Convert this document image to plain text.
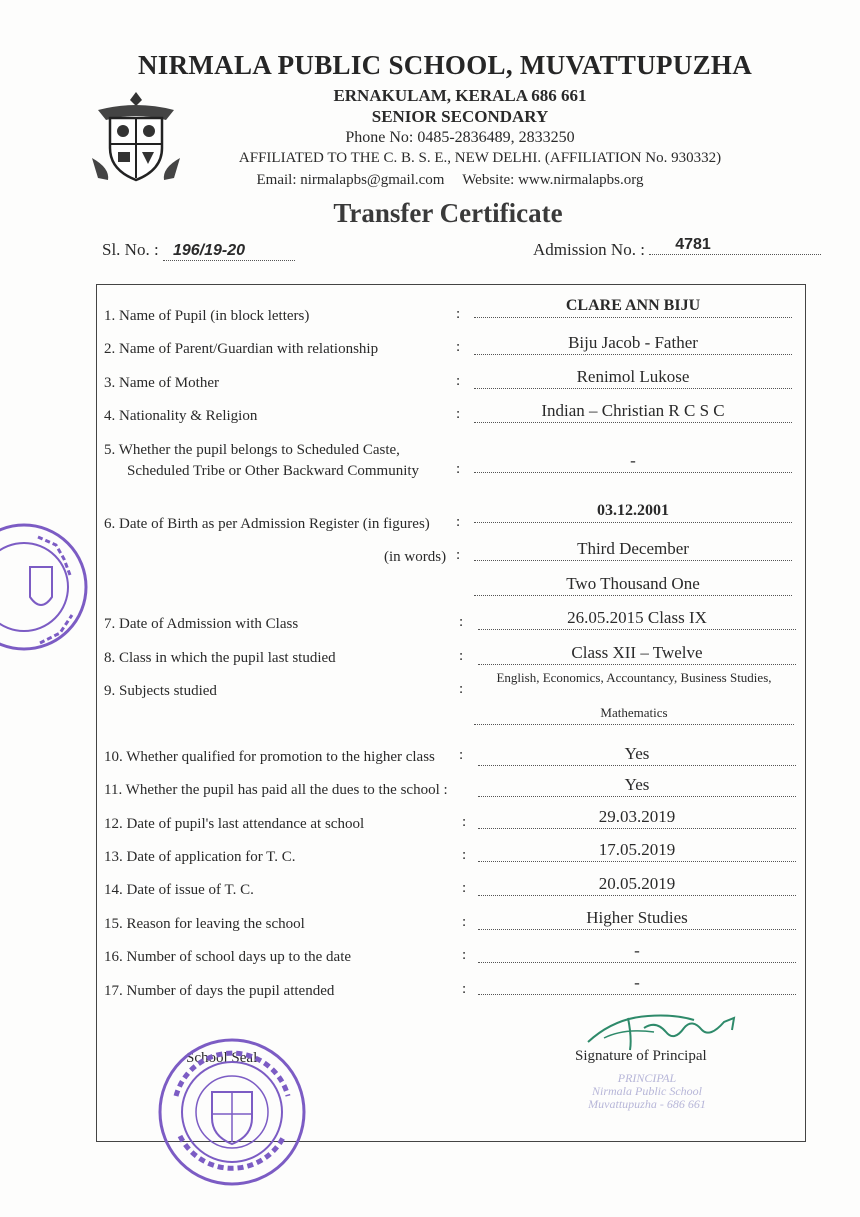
NIRMALA PUBLIC SCHOOL, MUVATTUPUZHA
ERNAKULAM, KERALA 686 661
SENIOR SECONDARY
Phone No: 0485-2836489, 2833250
AFFILIATED TO THE C. B. S. E., NEW DELHI. (AFFILIATION No. 930332)
Email: nirmalapbs@gmail.com Website: www.nirmalapbs.org
Transfer Certificate
Sl. No. : 196/19-20	Admission No. : 4781
1. Name of Pupil (in block letters)	:	CLARE ANN BIJU
2. Name of Parent/Guardian with relationship	:	Biju Jacob - Father
3. Name of Mother	:	Renimol Lukose
4. Nationality & Religion	:	Indian – Christian R C S C
5. Whether the pupil belongs to Scheduled Caste,
Scheduled Tribe or Other Backward Community :	-
6. Date of Birth as per Admission Register (in figures) :
03.12.2001
(in words) :	Third December
Two Thousand One
7. Date of Admission with Class	:	26.05.2015 Class IX
8. Class in which the pupil last studied	:	Class XII – Twelve
9. Subjects studied	:
English, Economics, Accountancy, Business Studies,
Mathematics
10. Whether qualified for promotion to the higher class :	Yes
11. Whether the pupil has paid all the dues to the school :	Yes
12. Date of pupil's last attendance at school	:	29.03.2019
13. Date of application for T. C.	:	17.05.2019
14. Date of issue of T. C.	:	20.05.2019
15. Reason for leaving the school	:	Higher Studies
16. Number of school days up to the date	:	-
17. Number of days the pupil attended	:	-
School Seal	Signature of Principal
PRINCIPAL
Nirmala Public School
Muvattupuzha - 686 661
